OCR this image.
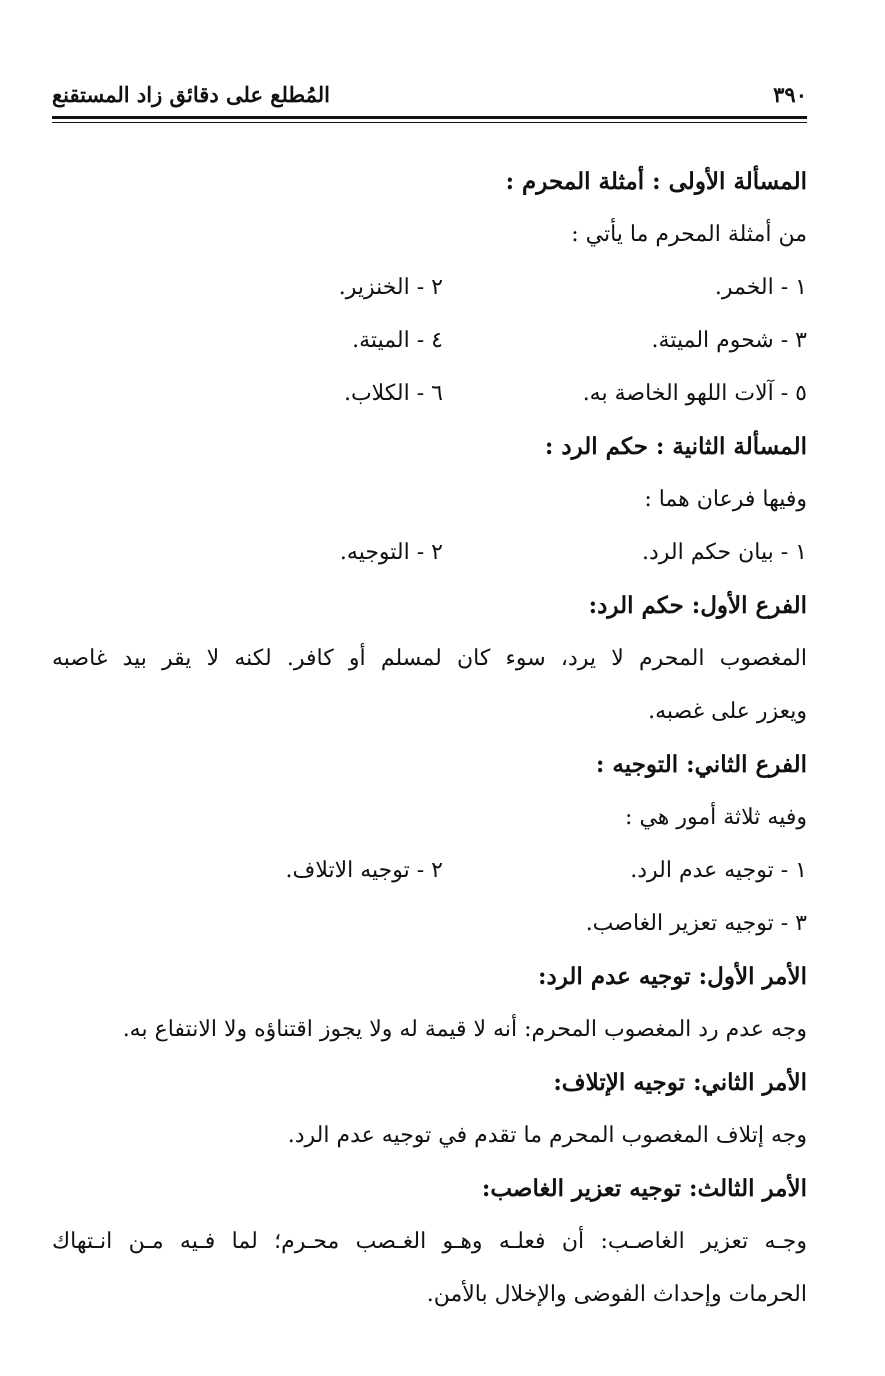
المُطلع على دقائق زاد المستقنع	٣٩٠
المسألة الأولى : أمثلة المحرم :
من أمثلة المحرم ما يأتي :
١ - الخمر.
٢ - الخنزير.
٣ - شحوم الميتة.
٤ - الميتة.
٥ - آلات اللهو الخاصة به.
٦ - الكلاب.
المسألة الثانية : حكم الرد :
وفيها فرعان هما :
١ - بيان حكم الرد.
٢ - التوجيه.
الفرع الأول: حكم الرد:
المغصوب المحرم لا يرد، سوء كان لمسلم أو كافر. لكنه لا يقر بيد غاصبه
ويعزر على غصبه.
الفرع الثاني: التوجيه :
وفيه ثلاثة أمور هي :
١ - توجيه عدم الرد.
٢ - توجيه الاتلاف.
٣ - توجيه تعزير الغاصب.
الأمر الأول: توجيه عدم الرد:
وجه عدم رد المغصوب المحرم: أنه لا قيمة له ولا يجوز اقتناؤه ولا الانتفاع به.
الأمر الثاني: توجيه الإتلاف:
وجه إتلاف المغصوب المحرم ما تقدم في توجيه عدم الرد.
الأمر الثالث: توجيه تعزير الغاصب:
وجـه تعزير الغاصـب: أن فعلـه وهـو الغـصب محـرم؛ لما فـيه مـن انـتهاك
الحرمات وإحداث الفوضى والإخلال بالأمن.
